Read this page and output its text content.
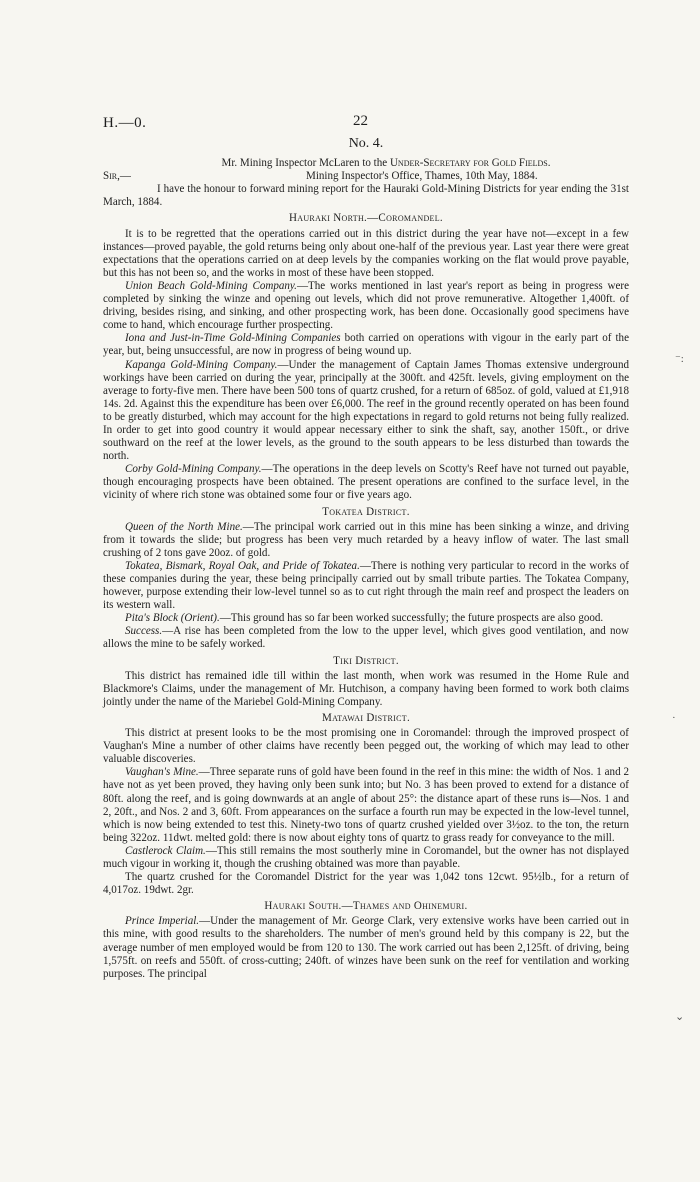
H.—0.	22
⁻:
·
⌄
No. 4.
Mr. Mining Inspector McLaren to the Under-Secretary for Gold Fields.
Sir,—	Mining Inspector's Office, Thames, 10th May, 1884.

I have the honour to forward mining report for the Hauraki Gold-Mining Districts for year ending the 31st March, 1884.

Hauraki North.—Coromandel.

It is to be regretted that the operations carried out in this district during the year have not—except in a few instances—proved payable, the gold returns being only about one-half of the previous year. Last year there were great expectations that the operations carried on at deep levels by the companies working on the flat would prove payable, but this has not been so, and the works in most of these have been stopped.

Union Beach Gold-Mining Company.—The works mentioned in last year's report as being in progress were completed by sinking the winze and opening out levels, which did not prove remunerative. Altogether 1,400ft. of driving, besides rising, and sinking, and other prospecting work, has been done. Occasionally good specimens have come to hand, which encourage further prospecting.

Iona and Just-in-Time Gold-Mining Companies both carried on operations with vigour in the early part of the year, but, being unsuccessful, are now in progress of being wound up.

Kapanga Gold-Mining Company.—Under the management of Captain James Thomas extensive underground workings have been carried on during the year, principally at the 300ft. and 425ft. levels, giving employment on the average to forty-five men. There have been 500 tons of quartz crushed, for a return of 685oz. of gold, valued at £1,918 14s. 2d. Against this the expenditure has been over £6,000. The reef in the ground recently operated on has been found to be greatly disturbed, which may account for the high expectations in regard to gold returns not being fully realized. In order to get into good country it would appear necessary either to sink the shaft, say, another 150ft., or drive southward on the reef at the lower levels, as the ground to the south appears to be less disturbed than towards the north.

Corby Gold-Mining Company.—The operations in the deep levels on Scotty's Reef have not turned out payable, though encouraging prospects have been obtained. The present operations are confined to the surface level, in the vicinity of where rich stone was obtained some four or five years ago.

Tokatea District.

Queen of the North Mine.—The principal work carried out in this mine has been sinking a winze, and driving from it towards the slide; but progress has been very much retarded by a heavy inflow of water. The last small crushing of 2 tons gave 20oz. of gold.

Tokatea, Bismark, Royal Oak, and Pride of Tokatea.—There is nothing very particular to record in the works of these companies during the year, these being principally carried out by small tribute parties. The Tokatea Company, however, purpose extending their low-level tunnel so as to cut right through the main reef and prospect the leaders on its western wall.

Pita's Block (Orient).—This ground has so far been worked successfully; the future prospects are also good.

Success.—A rise has been completed from the low to the upper level, which gives good ventilation, and now allows the mine to be safely worked.

Tiki District.

This district has remained idle till within the last month, when work was resumed in the Home Rule and Blackmore's Claims, under the management of Mr. Hutchison, a company having been formed to work both claims jointly under the name of the Mariebel Gold-Mining Company.

Matawai District.

This district at present looks to be the most promising one in Coromandel: through the improved prospect of Vaughan's Mine a number of other claims have recently been pegged out, the working of which may lead to other valuable discoveries.

Vaughan's Mine.—Three separate runs of gold have been found in the reef in this mine: the width of Nos. 1 and 2 have not as yet been proved, they having only been sunk into; but No. 3 has been proved to extend for a distance of 80ft. along the reef, and is going downwards at an angle of about 25°: the distance apart of these runs is—Nos. 1 and 2, 20ft., and Nos. 2 and 3, 60ft. From appearances on the surface a fourth run may be expected in the low-level tunnel, which is now being extended to test this. Ninety-two tons of quartz crushed yielded over 3½oz. to the ton, the return being 322oz. 11dwt. melted gold: there is now about eighty tons of quartz to grass ready for conveyance to the mill.

Castlerock Claim.—This still remains the most southerly mine in Coromandel, but the owner has not displayed much vigour in working it, though the crushing obtained was more than payable.

The quartz crushed for the Coromandel District for the year was 1,042 tons 12cwt. 95½lb., for a return of 4,017oz. 19dwt. 2gr.

Hauraki South.—Thames and Ohinemuri.

Prince Imperial.—Under the management of Mr. George Clark, very extensive works have been carried out in this mine, with good results to the shareholders. The number of men's ground held by this company is 22, but the average number of men employed would be from 120 to 130. The work carried out has been 2,125ft. of driving, being 1,575ft. on reefs and 550ft. of cross-cutting; 240ft. of winzes have been sunk on the reef for ventilation and working purposes. The principal
